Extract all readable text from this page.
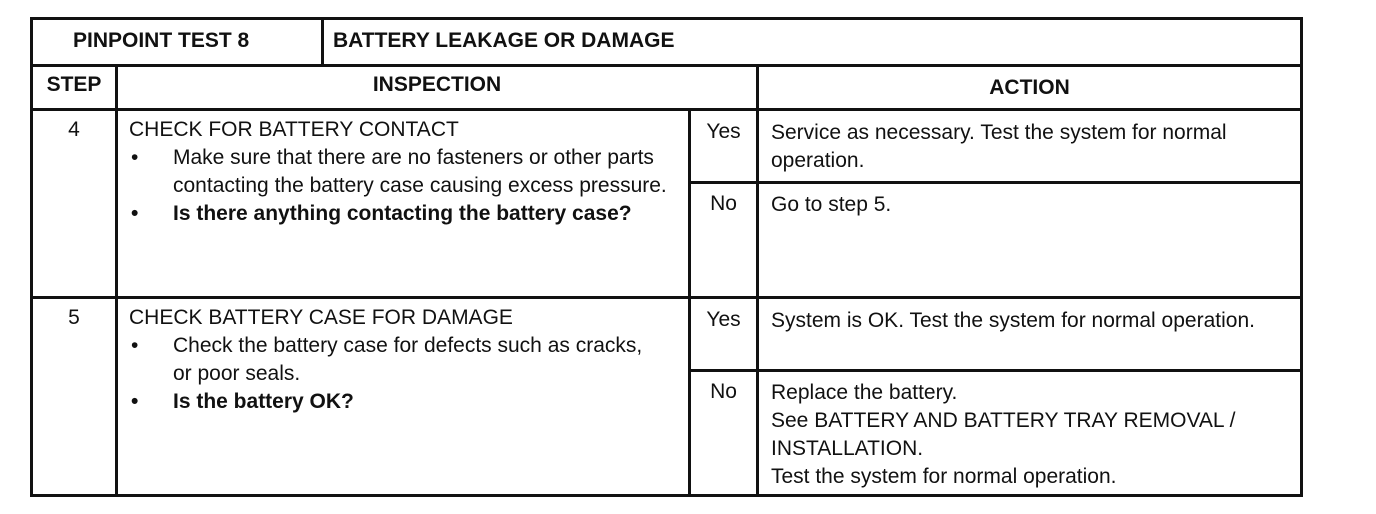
PINPOINT TEST 8	BATTERY LEAKAGE OR DAMAGE
STEP	INSPECTION	ACTION
4	CHECK FOR BATTERY CONTACT
• Make sure that there are no fasteners or other parts contacting the battery case causing excess pressure.
• Is there anything contacting the battery case?
Yes	Service as necessary. Test the system for normal operation.
No	Go to step 5.
5	CHECK BATTERY CASE FOR DAMAGE
• Check the battery case for defects such as cracks, or poor seals.
• Is the battery OK?
Yes	System is OK. Test the system for normal operation.
No	Replace the battery.
See BATTERY AND BATTERY TRAY REMOVAL / INSTALLATION.
Test the system for normal operation.
